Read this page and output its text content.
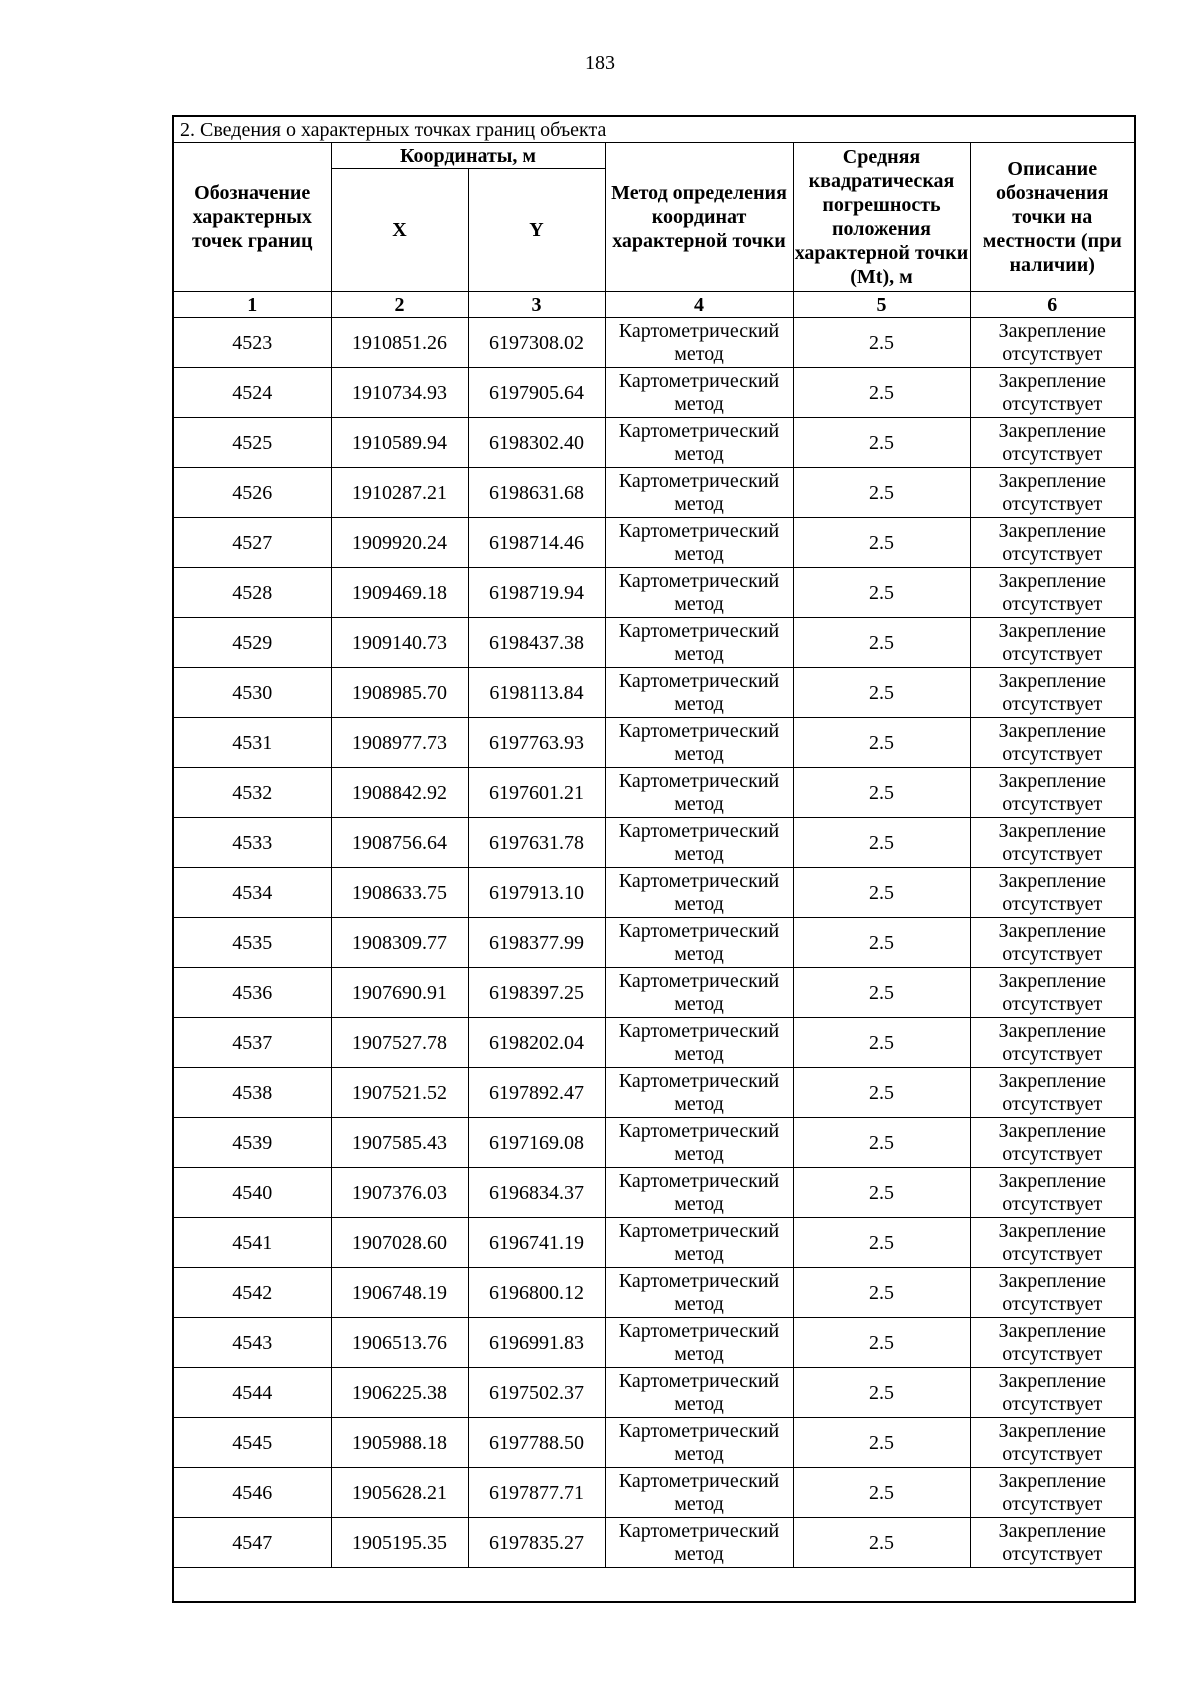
183
2. Сведения о характерных точках границ объекта					
Обозначение характерных точек границ	Координаты, м		Метод определения координат характерной точки	Средняя квадратическая погрешность положения характерной точки (Mt), м	Описание обозначения точки на местности (при наличии)
	X	Y			
1	2	3	4	5	6
4523	1910851.26	6197308.02	Картометрический метод	2.5	Закрепление отсутствует
4524	1910734.93	6197905.64	Картометрический метод	2.5	Закрепление отсутствует
4525	1910589.94	6198302.40	Картометрический метод	2.5	Закрепление отсутствует
4526	1910287.21	6198631.68	Картометрический метод	2.5	Закрепление отсутствует
4527	1909920.24	6198714.46	Картометрический метод	2.5	Закрепление отсутствует
4528	1909469.18	6198719.94	Картометрический метод	2.5	Закрепление отсутствует
4529	1909140.73	6198437.38	Картометрический метод	2.5	Закрепление отсутствует
4530	1908985.70	6198113.84	Картометрический метод	2.5	Закрепление отсутствует
4531	1908977.73	6197763.93	Картометрический метод	2.5	Закрепление отсутствует
4532	1908842.92	6197601.21	Картометрический метод	2.5	Закрепление отсутствует
4533	1908756.64	6197631.78	Картометрический метод	2.5	Закрепление отсутствует
4534	1908633.75	6197913.10	Картометрический метод	2.5	Закрепление отсутствует
4535	1908309.77	6198377.99	Картометрический метод	2.5	Закрепление отсутствует
4536	1907690.91	6198397.25	Картометрический метод	2.5	Закрепление отсутствует
4537	1907527.78	6198202.04	Картометрический метод	2.5	Закрепление отсутствует
4538	1907521.52	6197892.47	Картометрический метод	2.5	Закрепление отсутствует
4539	1907585.43	6197169.08	Картометрический метод	2.5	Закрепление отсутствует
4540	1907376.03	6196834.37	Картометрический метод	2.5	Закрепление отсутствует
4541	1907028.60	6196741.19	Картометрический метод	2.5	Закрепление отсутствует
4542	1906748.19	6196800.12	Картометрический метод	2.5	Закрепление отсутствует
4543	1906513.76	6196991.83	Картометрический метод	2.5	Закрепление отсутствует
4544	1906225.38	6197502.37	Картометрический метод	2.5	Закрепление отсутствует
4545	1905988.18	6197788.50	Картометрический метод	2.5	Закрепление отсутствует
4546	1905628.21	6197877.71	Картометрический метод	2.5	Закрепление отсутствует
4547	1905195.35	6197835.27	Картометрический метод	2.5	Закрепление отсутствует
